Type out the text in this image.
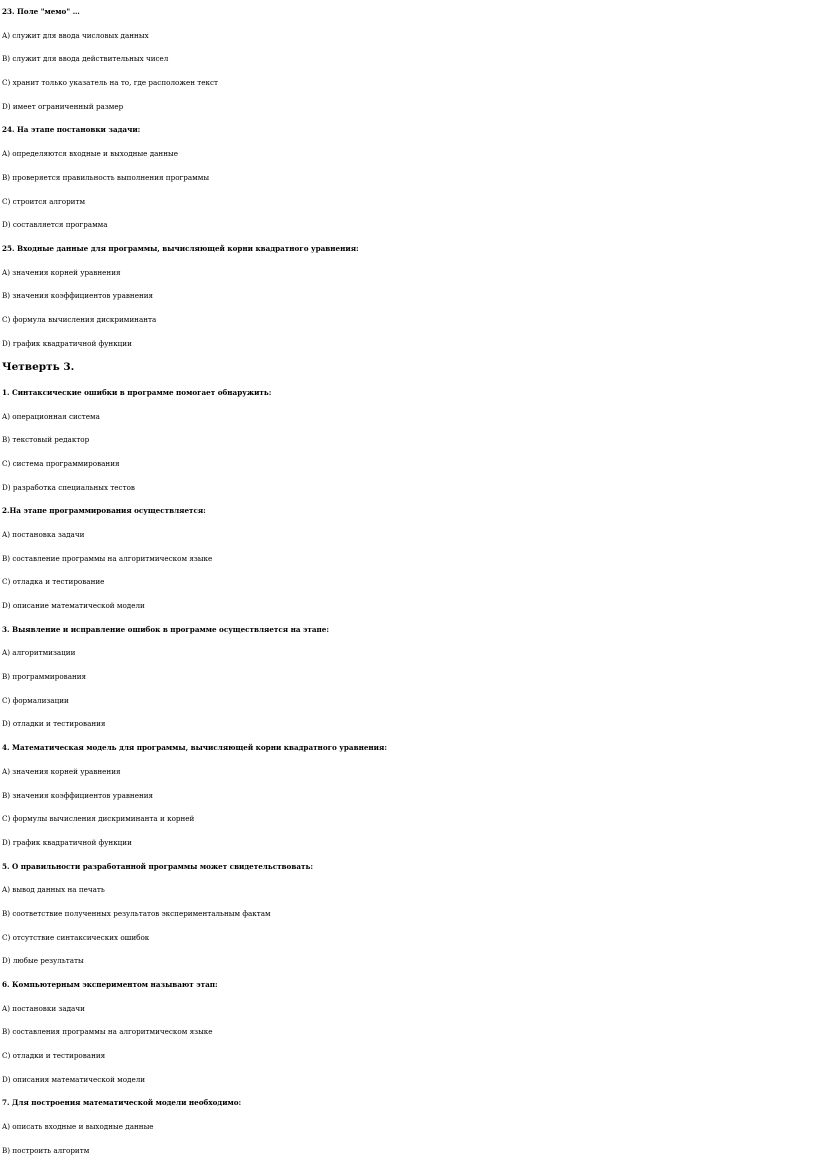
23. Поле "мемо" …
A) служит для ввода числовых данных
B) служит для ввода действительных чисел
C) хранит только указатель на то, где расположен текст
D) имеет ограниченный размер
24. На этапе постановки задачи:
A) определяются входные и выходные данные
B) проверяется правильность выполнения программы
C) строится алгоритм
D) составляется программа
25. Входные данные для программы, вычисляющей корни квадратного уравнения:
A) значения корней уравнения
B) значения коэффициентов уравнения
C) формула вычисления дискриминанта
D) график квадратичной функции
Четверть 3.
1. Синтаксические ошибки в программе помогает обнаружить:
A) операционная система
B) текстовый редактор
C) система программирования
D) разработка специальных тестов
2.На этапе программирования осуществляется:
A) постановка задачи
B) составление программы на алгоритмическом языке
C) отладка и тестирование
D) описание математической модели
3. Выявление и исправление ошибок в программе осуществляется на этапе:
A) алгоритмизации
B) программирования
C) формализации
D) отладки и тестирования
4. Математическая модель для программы, вычисляющей корни квадратного уравнения:
A) значения корней уравнения
B) значения коэффициентов уравнения
C) формулы вычисления дискриминанта и корней
D) график квадратичной функции
5. О правильности разработанной программы может свидетельствовать:
A) вывод данных на печать
B) соответствие полученных результатов экспериментальным фактам
C) отсутствие синтаксических ошибок
D) любые результаты
6. Компьютерным экспериментом называют этап:
A) постановки задачи
B) составления программы на алгоритмическом языке
C) отладки и тестирования
D) описания математической модели
7. Для построения математической модели необходимо:
A) описать входные и выходные данные
B) построить алгоритм
